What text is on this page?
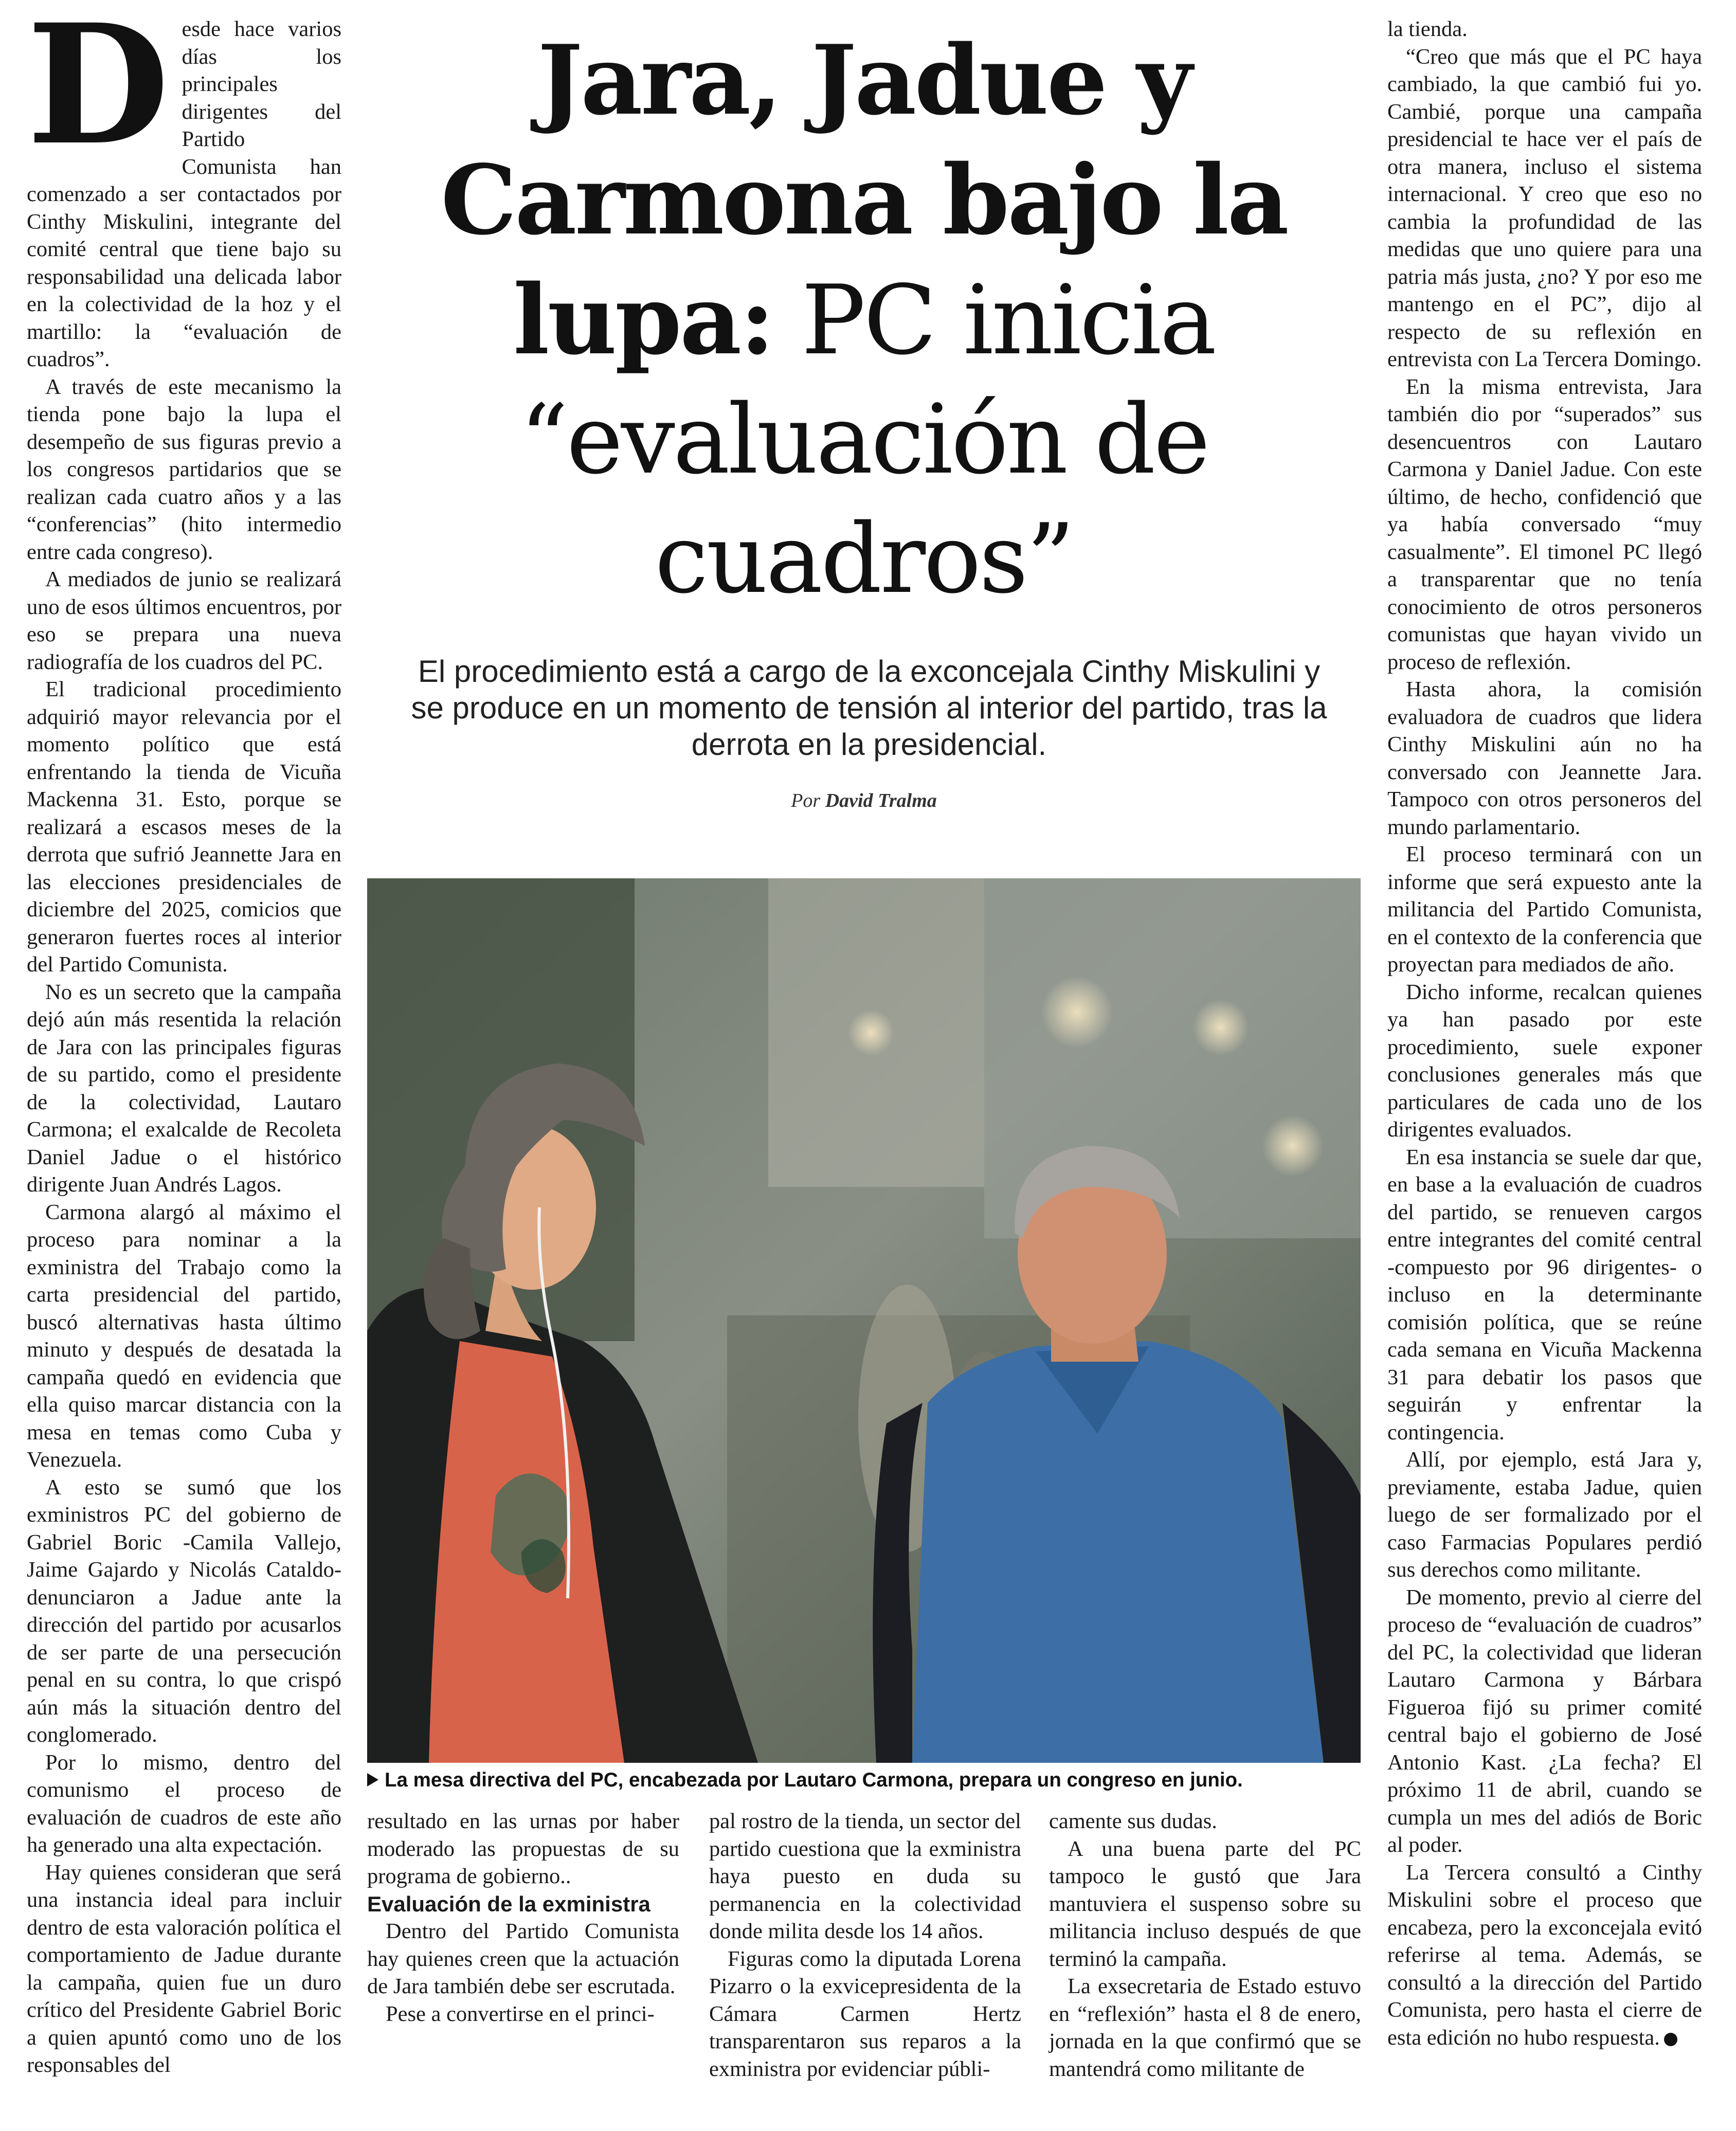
Desde hace varios días los principales dirigentes del Partido Comunista han comenzado a ser contactados por Cinthy Miskulini, integrante del comité central que tiene bajo su responsabilidad una delicada labor en la colectividad de la hoz y el martillo: la “evaluación de cuadros”.

A través de este mecanismo la tienda pone bajo la lupa el desempeño de sus figuras previo a los congresos partidarios que se realizan cada cuatro años y a las “conferencias” (hito intermedio entre cada congreso).

A mediados de junio se realizará uno de esos últimos encuentros, por eso se prepara una nueva radiografía de los cuadros del PC.

El tradicional procedimiento adquirió mayor relevancia por el momento político que está enfrentando la tienda de Vicuña Mackenna 31. Esto, porque se realizará a escasos meses de la derrota que sufrió Jeannette Jara en las elecciones presidenciales de diciembre del 2025, comicios que generaron fuertes roces al interior del Partido Comunista.

No es un secreto que la campaña dejó aún más resentida la relación de Jara con las principales figuras de su partido, como el presidente de la colectividad, Lautaro Carmona; el exalcalde de Recoleta Daniel Jadue o el histórico dirigente Juan Andrés Lagos.

Carmona alargó al máximo el proceso para nominar a la exministra del Trabajo como la carta presidencial del partido, buscó alternativas hasta último minuto y después de desatada la campaña quedó en evidencia que ella quiso marcar distancia con la mesa en temas como Cuba y Venezuela.

A esto se sumó que los exministros PC del gobierno de Gabriel Boric -Camila Vallejo, Jaime Gajardo y Nicolás Cataldo- denunciaron a Jadue ante la dirección del partido por acusarlos de ser parte de una persecución penal en su contra, lo que crispó aún más la situación dentro del conglomerado.

Por lo mismo, dentro del comunismo el proceso de evaluación de cuadros de este año ha generado una alta expectación.

Hay quienes consideran que será una instancia ideal para incluir dentro de esta valoración política el comportamiento de Jadue durante la campaña, quien fue un duro crítico del Presidente Gabriel Boric a quien apuntó como uno de los responsables del

Jara, Jadue y Carmona bajo la lupa: PC inicia “evaluación de cuadros”
El procedimiento está a cargo de la exconcejala Cinthy Miskulini y se produce en un momento de tensión al interior del partido, tras la derrota en la presidencial.
Por David Tralma
La mesa directiva del PC, encabezada por Lautaro Carmona, prepara un congreso en junio.

resultado en las urnas por haber moderado las propuestas de su programa de gobierno..

Evaluación de la exministra

Dentro del Partido Comunista hay quienes creen que la actuación de Jara también debe ser escrutada.

Pese a convertirse en el princi-

pal rostro de la tienda, un sector del partido cuestiona que la exministra haya puesto en duda su permanencia en la colectividad donde milita desde los 14 años.

Figuras como la diputada Lorena Pizarro o la exvicepresidenta de la Cámara Carmen Hertz transparentaron sus reparos a la exministra por evidenciar públi-

camente sus dudas.

A una buena parte del PC tampoco le gustó que Jara mantuviera el suspenso sobre su militancia incluso después de que terminó la campaña.

La exsecretaria de Estado estuvo en “reflexión” hasta el 8 de enero, jornada en la que confirmó que se mantendrá como militante de

la tienda.

“Creo que más que el PC haya cambiado, la que cambió fui yo. Cambié, porque una campaña presidencial te hace ver el país de otra manera, incluso el sistema internacional. Y creo que eso no cambia la profundidad de las medidas que uno quiere para una patria más justa, ¿no? Y por eso me mantengo en el PC”, dijo al respecto de su reflexión en entrevista con La Tercera Domingo.

En la misma entrevista, Jara también dio por “superados” sus desencuentros con Lautaro Carmona y Daniel Jadue. Con este último, de hecho, confidenció que ya había conversado “muy casualmente”. El timonel PC llegó a transparentar que no tenía conocimiento de otros personeros comunistas que hayan vivido un proceso de reflexión.

Hasta ahora, la comisión evaluadora de cuadros que lidera Cinthy Miskulini aún no ha conversado con Jeannette Jara. Tampoco con otros personeros del mundo parlamentario.

El proceso terminará con un informe que será expuesto ante la militancia del Partido Comunista, en el contexto de la conferencia que proyectan para mediados de año.

Dicho informe, recalcan quienes ya han pasado por este procedimiento, suele exponer conclusiones generales más que particulares de cada uno de los dirigentes evaluados.

En esa instancia se suele dar que, en base a la evaluación de cuadros del partido, se renueven cargos entre integrantes del comité central -compuesto por 96 dirigentes- o incluso en la determinante comisión política, que se reúne cada semana en Vicuña Mackenna 31 para debatir los pasos que seguirán y enfrentar la contingencia.

Allí, por ejemplo, está Jara y, previamente, estaba Jadue, quien luego de ser formalizado por el caso Farmacias Populares perdió sus derechos como militante.

De momento, previo al cierre del proceso de “evaluación de cuadros” del PC, la colectividad que lideran Lautaro Carmona y Bárbara Figueroa fijó su primer comité central bajo el gobierno de José Antonio Kast. ¿La fecha? El próximo 11 de abril, cuando se cumpla un mes del adiós de Boric al poder.

La Tercera consultó a Cinthy Miskulini sobre el proceso que encabeza, pero la exconcejala evitó referirse al tema. Además, se consultó a la dirección del Partido Comunista, pero hasta el cierre de esta edición no hubo respuesta.
